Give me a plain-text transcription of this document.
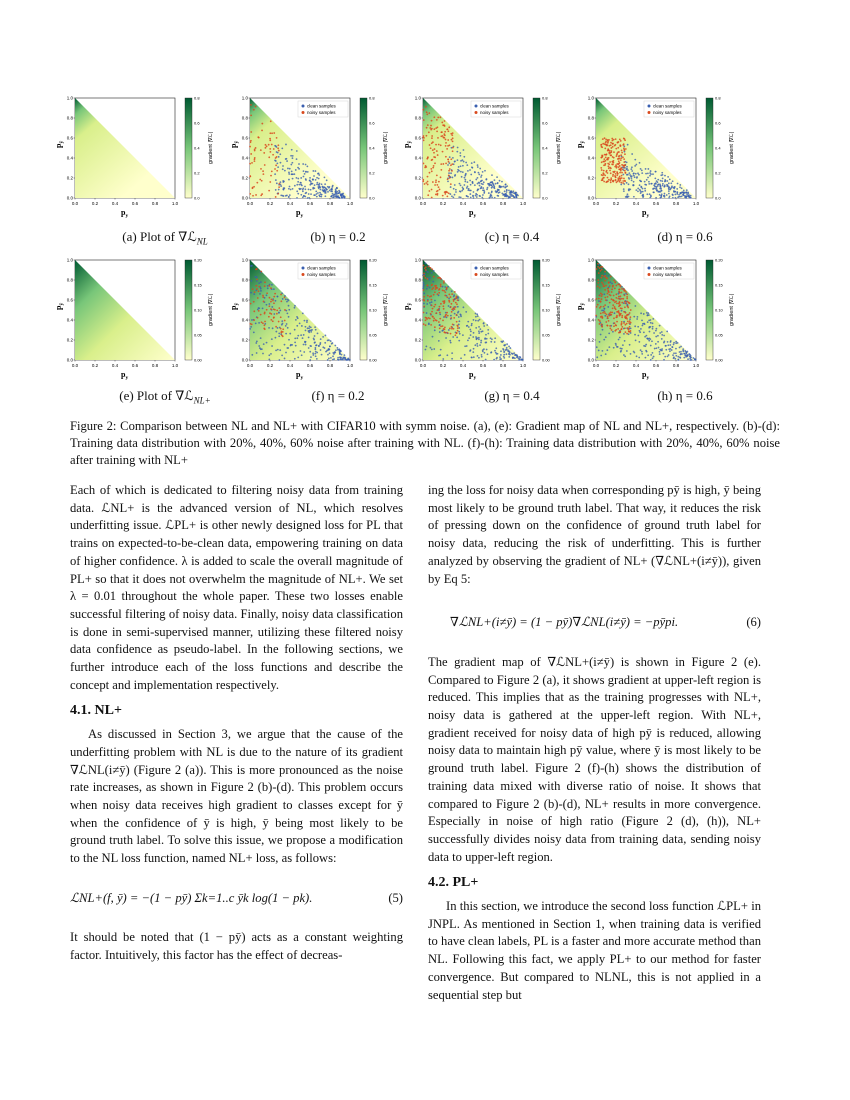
0.0
0.0
0.2
0.2
0.4
0.4
0.6
0.6
0.8
0.8
1.0
1.0
$p_y$
$p_ȳ$
0.8
0.6
0.4
0.2
0.0
gradient |∇ℒ|
0.0
0.0
0.2
0.2
0.4
0.4
0.6
0.6
0.8
0.8
1.0
1.0
$p_y$
$p_ȳ$
clean samples
noisy samples
0.8
0.6
0.4
0.2
0.0
gradient |∇ℒ|
0.0
0.0
0.2
0.2
0.4
0.4
0.6
0.6
0.8
0.8
1.0
1.0
$p_y$
$p_ȳ$
clean samples
noisy samples
0.8
0.6
0.4
0.2
0.0
gradient |∇ℒ|
0.0
0.0
0.2
0.2
0.4
0.4
0.6
0.6
0.8
0.8
1.0
1.0
$p_y$
$p_ȳ$
clean samples
noisy samples
0.8
0.6
0.4
0.2
0.0
gradient |∇ℒ|
0.0
0.0
0.2
0.2
0.4
0.4
0.6
0.6
0.8
0.8
1.0
1.0
$p_y$
$p_ȳ$
0.20
0.15
0.10
0.05
0.00
gradient |∇ℒ|
0.0
0.0
0.2
0.2
0.4
0.4
0.6
0.6
0.8
0.8
1.0
1.0
$p_y$
$p_ȳ$
clean samples
noisy samples
0.20
0.15
0.10
0.05
0.00
gradient |∇ℒ|
0.0
0.0
0.2
0.2
0.4
0.4
0.6
0.6
0.8
0.8
1.0
1.0
$p_y$
$p_ȳ$
clean samples
noisy samples
0.20
0.15
0.10
0.05
0.00
gradient |∇ℒ|
0.0
0.0
0.2
0.2
0.4
0.4
0.6
0.6
0.8
0.8
1.0
1.0
$p_y$
$p_ȳ$
clean samples
noisy samples
0.20
0.15
0.10
0.05
0.00
gradient |∇ℒ|
(a) Plot of ∇ℒ$_{NL}$	(b) η = 0.2	(c) η = 0.4	(d) η = 0.6
(e) Plot of ∇ℒ$_{NL+}$	(f) η = 0.2	(g) η = 0.4	(h) η = 0.6
Figure 2: Comparison between NL and NL+ with CIFAR10 with symm noise. (a), (e): Gradient map of NL and NL+, respectively. (b)-(d): Training data distribution with 20%, 40%, 60% noise after training with NL. (f)-(h): Training data distribution with 20%, 40%, 60% noise after training with NL+

Each of which is dedicated to filtering noisy data from training data. ℒNL+ is the advanced version of NL, which resolves underfitting issue. ℒPL+ is other newly designed loss for PL that trains on expected-to-be-clean data, empowering training on data of higher confidence. λ is added to scale the overall magnitude of PL+ so that it does not overwhelm the magnitude of NL+. We set λ = 0.01 throughout the whole paper. These two losses enable successful filtering of noisy data. Finally, noisy data classification is done in semi-supervised manner, utilizing these filtered noisy data confidence as pseudo-label. In the following sections, we further introduce each of the loss functions and describe the concept and implementation respectively.

4.1. NL+

As discussed in Section 3, we argue that the cause of the underfitting problem with NL is due to the nature of its gradient ∇ℒNL(i≠ȳ) (Figure 2 (a)). This is more pronounced as the noise rate increases, as shown in Figure 2 (b)-(d). This problem occurs when noisy data receives high gradient to classes except for ȳ when the confidence of ȳ is high, ȳ being most likely to be ground truth label. To solve this issue, we propose a modification to the NL loss function, named NL+ loss, as follows:

ℒNL+(f, ȳ) = −(1 − pȳ) Σk=1..c ȳk log(1 − pk).	(5)

It should be noted that (1 − pȳ) acts as a constant weighting factor. Intuitively, this factor has the effect of decreas-

ing the loss for noisy data when corresponding pȳ is high, ȳ being most likely to be ground truth label. That way, it reduces the risk of pressing down on the confidence of ground truth label for noisy data, reducing the risk of underfitting. This is further analyzed by observing the gradient of NL+ (∇ℒNL+(i≠ȳ)), given by Eq 5:

∇ℒNL+(i≠ȳ) = (1 − pȳ)∇ℒNL(i≠ȳ) = −pȳpi.	(6)

The gradient map of ∇ℒNL+(i≠ȳ) is shown in Figure 2 (e). Compared to Figure 2 (a), it shows gradient at upper-left region is reduced. This implies that as the training progresses with NL+, noisy data is gathered at the upper-left region. With NL+, gradient received for noisy data of high pȳ is reduced, allowing noisy data to maintain high pȳ value, where ȳ is most likely to be ground truth label. Figure 2 (f)-(h) shows the distribution of training data mixed with diverse ratio of noise. It shows that compared to Figure 2 (b)-(d), NL+ results in more convergence. Especially in noise of high ratio (Figure 2 (d), (h)), NL+ successfully divides noisy data from training data, sending noisy data to upper-left region.

4.2. PL+

In this section, we introduce the second loss function ℒPL+ in JNPL. As mentioned in Section 1, when training data is verified to have clean labels, PL is a faster and more accurate method than NL. Following this fact, we apply PL+ to our method for faster convergence. But compared to NLNL, this is not applied in a sequential step but
